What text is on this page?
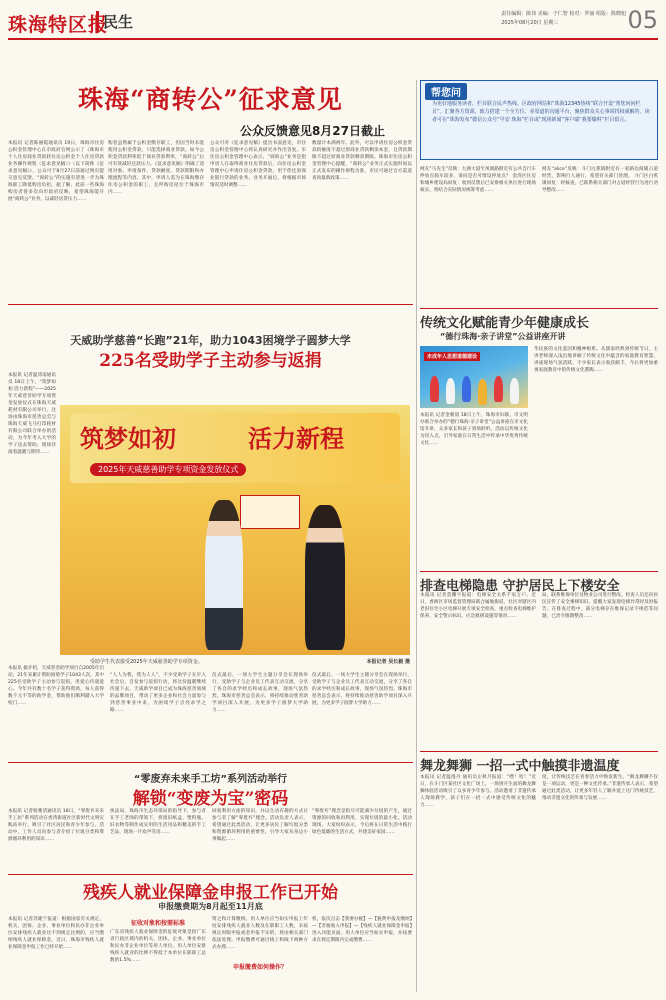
珠海特区报
民生	责任编辑：陈伟 美编：于仁智 校对：罗丽 组版：陈晓旭
2025年08月20日 星期三	05
珠海“商转公”征求意见
公众反馈意见8月27日截止
本报讯 记者陈丽霞通讯员 19日，珠海市住房公积金管理中心在市政府官网公示了《珠海市个人住房商业贷款转住房公积金个人住房贷款业务操作规程（征求意见稿）》（以下简称《征求意见稿》），公众可于8月27日前通过网页提交意见反馈。“商转公”的实施有望进一步为珠海职工降低购房负担。据了解，此前一些珠海购房者曾多次向市政府反映，希望珠海能开展“商转公”业务，以减轻房贷压力……
购者虽然属于公积金缴存职工，但因当时未能使用公积金贷款，只能选择商业贷款。如今公积金贷款利率低于商业贷款利率，“商转公”后可有效减轻还款压力。《征求意见稿》明确了适用对象、申请条件、贷款额度、贷款期限和办理流程等内容。其中，申请人需为在珠海缴存住房公积金的职工，且所购房屋位于珠海市内……
公众可对《征求意见稿》提出书面意见，市住房公积金管理中心将认真研究并作出答复。市住房公积金管理中心表示，“商转公”业务是指申请人在取得商业住房贷款后，向住房公积金管理中心申请住房公积金贷款，用于偿还原商业银行贷款的业务。业务开通后，将根据市场情况适时调整……
数量计本满两年。此外，可以申请住房公积金贷款的额度不超过原商业贷款剩余本金，且贷款期限不超过原商业贷款剩余期限。珠海市住房公积金管理中心提醒，“商转公”业务正式实施时间以正式发布的操作规程为准，市民可通过官方渠道查询最新政策……
帮您问
为更好地服务读者，栏目联合民声热线、区政府网站和“珠海12345热线”联合开设“帮您问问栏目”。汇聚各方资源，致力搭建一个全方位、多渠道的沟通平台，聚焦群众关心事项找权威解答。读者可在“珠海发布”微信公众号“早安 珠海”栏目或“现场新闻”客户端“我要爆料”栏目留言。
网友“马先生”反映：九洲大道至凤凰路附近有公共自行车停放点骑车较多，请问是否可增设停放点？ 金湾区住房和城乡建设局回复：收到反馈后已安排相关单位进行现场核实，将结合实际情况统筹考虑……
网友“alice”反映：斗门白蕉镇附近有一家路边商铺占道经营，影响行人通行，希望有关部门处理。 斗门区白蕉镇回复：经核查，已联系相关部门对占道经营行为进行劝导整改……
天威助学慈善“长跑”21年，助力1043困境学子圆梦大学
225名受助学子主动参与返捐
本报讯 记者温沛南通讯员 18日上午，“筑梦如初 活力新程”——2025年天威慈善助学专项资金发放仪式在珠海天威耗材有限公司举行。这场由珠海市慈善总会与珠海天威飞马打印耗材有限公司联合举办的活动，为今年考入大学的学子送去资助，现场洋溢着温暖与期待……
本报讯 据介绍，天威慈善助学项目自2005年启动，21年来累计资助困境学子1043人次，其中225名受助学子主动参与返捐，用爱心传递爱心。今年共有数十名学子获得资助，每人获得数千元不等的助学金，帮助他们顺利踏入大学校门……
“人人为我，我为人人”，不少受助学子在步入社会后，自发参与返捐行动，将这份温暖继续传递下去。天威助学项目已成为珠海慈善领域的品牌项目，带动了更多企业和社会力量参与到慈善事业中来，为困境学子点亮求学之路……
仪式最后，一场大学生主题分享会在现场举行，受助学子与企业员工代表互动交流，分享了各自的求学经历和成长故事，现场气氛热烈。珠海市慈善总会表示，将持续推动慈善助学项目深入开展，为更多学子圆梦大学助力……
仪式最后，一场大学生主题分享会在现场举行，受助学子与企业员工代表互动交流，分享了各自的求学经历和成长故事，现场气氛热烈。珠海市慈善总会表示，将持续推动慈善助学项目深入开展，为更多学子圆梦大学助力……
筑梦如初	活力新程
2025年天威慈善助学专项资金发放仪式
受助学生代表接受2025年天威慈善助学专项资金。	本报记者 吴长毅 摄
“零废弃未来手工坊”系列活动举行
解锁“变废为宝”密码
本报讯 记者杨雅清通讯员 18日，“零废弃未来手工坊”系列活动在香湾街道社区新时代文明实践站举行，吸引了社区居民和青少年参与。活动中，工作人员向参与者介绍了垃圾分类和资源循环利用的知识……
执法局、珠海市生态环境局的指导下，参与者在手工老师的带领下，将废旧纸盒、塑料瓶、旧衣物等制作成实用的生活用品和精美的手工艺品，现场一片欢声笑语……
回收利用方面的知识，并以生动有趣的方式让参与者了解“零废弃”理念。活动负责人表示，希望通过此类活动，让更多居民了解垃圾分类和资源循环利用的重要性，引导大家从身边小事做起……
“零废弃”理念是指尽可能减少垃圾的产生，通过资源的回收和再利用，实现垃圾的最小化。活动现场，大家纷纷表示，今后将在日常生活中践行绿色低碳的生活方式，共建美好家园……
残疾人就业保障金申报工作已开始
申报缴费期为8月起至11月底
本报讯 记者苏婕宁报道：根据国家有关规定，机关、团体、企业、事业单位和民办非企业单位安排残疾人就业达不到规定比例的，应当缴纳残疾人就业保障金。近日，珠海市残疾人就业保障金申报工作已经开始……
征收对象和按需标准
广东省残疾人就业保障金的征收对象是指广东省行政区域内的机关、团体、企业、事业单位和民办非企业单位等用人单位。用人单位安排残疾人就业的比例不得低于本单位在职职工总数的1.5%……
资之和计算缴纳。用人单位应当如实申报上年度安排残疾人就业人数及在职职工人数，未按规定时限申报或者申报不实的，将由相关部门依法处理。申报缴费可通过线上和线下两种方式办理……
申报缴费如何操作？
机，依次点击【我要办税】—【税费申报及缴纳】—【非税收入申报】—【残疾人就业保障金申报】进入功能页面。用人单位应当如实申报，并按要求在规定期限内完成缴费……
传统文化赋能青少年健康成长
“德行珠海·亲子讲堂”公益讲座开讲
未成年人思想道德建设
本报讯 记者金朝晨 18日上午，珠海市妇联、市文明办联合举办的“德行珠海·亲子讲堂”公益讲座在市文化馆开讲，众多家长和孩子到场聆听。活动以传统文化为切入点，引导家庭在日常生活中传承中华优秀传统文化……
华民族的文化基因和精神根系。从儒家经典到传统节日，主讲老师深入浅出地讲解了传统文化中蕴含的家庭教育智慧。讲座现场气氛活跃，不少家长表示收获颇丰，今后将更加重视家庭教育中的传统文化熏陶……
排查电梯隐患 守护居民上下楼安全
本报讯 记者莫鹏宇报道：电梯安全关系千家万户。近日，香洲区市场监督管理局联合属地街道、社区对辖区内老旧住宅小区电梯开展专项安全检查，重点检查电梯维护保养、安全警示标识、应急救援设施等情况……
局，联系维保单位及物业公司进行整改。检查人员还向居民宣传了安全乘梯知识，提醒大家发现电梯异常时及时报告。在排查过程中，部分电梯存在维保记录不规范等问题，已责令限期整改……
舞龙舞狮 一招一式中触摸非遗温度
本报讯 记者温漫丹 通讯员左秋月报道：“嘿！哈！”近日，在斗门区某社区文化广场上，一场别开生面的舞龙舞狮体验活动吸引了众多青少年参与。活动邀请了非遗传承人现场教学，孩子们在一招一式中感受传统文化的魅力……
度，让传统技艺在青春活力中焕发新生。“舞龙舞狮不仅是一项运动，更是一种文化传承。”非遗传承人表示，希望通过此类活动，让更多年轻人了解并爱上这门传统技艺，推动非遗文化的传承与发展……
